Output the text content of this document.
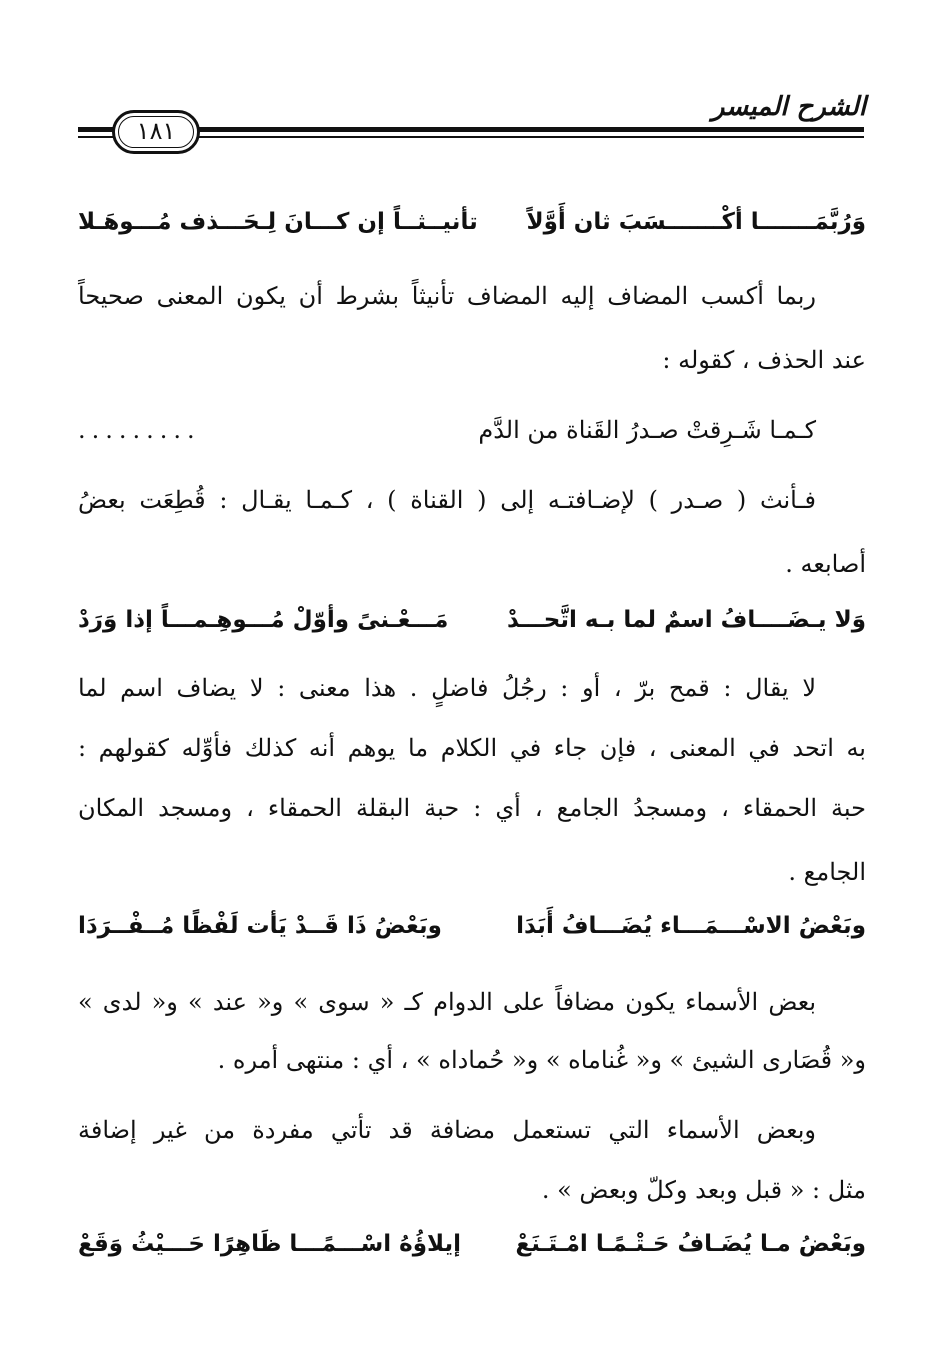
الشرح الميسر
١٨١
وَرُبَّمَـــــــا أكْـــــــسَبَ ثان أَوَّلاً
تأنيــثــاً إن كـــانَ لِـحَـــذف مُـــوهَـلا
ربما أكسب المضاف إليه المضاف تأنيثاً بشرط أن يكون المعنى صحيحاً
عند الحذف ، كقوله :
كـمـا شَـرِقتْ صـدرُ القَناة من الدَّم
.........
فـأنث ( صـدر ) لإضـافتـه إلى ( القناة ) ، كـمـا يقـال : قُطِعَت بعضُ
أصابعه .
وَلا يـضَــــافُ اسمٌ لما بـه اتَّحـــدْ
مَـــعْـنىً وأوّلْ مُـــوهِـمـــاً إذا وَرَدْ
لا يقال : قمح برّ ، أو : رجُلُ فاضلٍ . هذا معنى : لا يضاف اسم لما
به اتحد في المعنى ، فإن جاء في الكلام ما يوهم أنه كذلك فأوِّله كقولهم :
حبة الحمقاء ، ومسجدُ الجامع ، أي : حبة البقلة الحمقاء ، ومسجد المكان
الجامع .
وبَعْضُ الاسْـــمَـــاء يُضَـــافُ أَبَدَا
وبَعْضُ ذَا قَــدْ يَأت لَفْظًا مُــفْــرَدَا
بعض الأسماء يكون مضافاً على الدوام كـ « سوى » و« عند » و« لدى »
و« قُصَارى الشيئ » و« غُناماه » و« حُماداه » ، أي : منتهى أمره .
وبعض الأسماء التي تستعمل مضافة قد تأتي مفردة من غير إضافة
مثل : « قبل وبعد وكلّ وبعض » .
وبَعْضُ مـا يُضَـافُ حَـتْـمًـا امْـتَـنَعْ
إيلاؤُهُ اسْـــمًـــا ظَاهِرًا حَـــيْثُ وَقَعْ
